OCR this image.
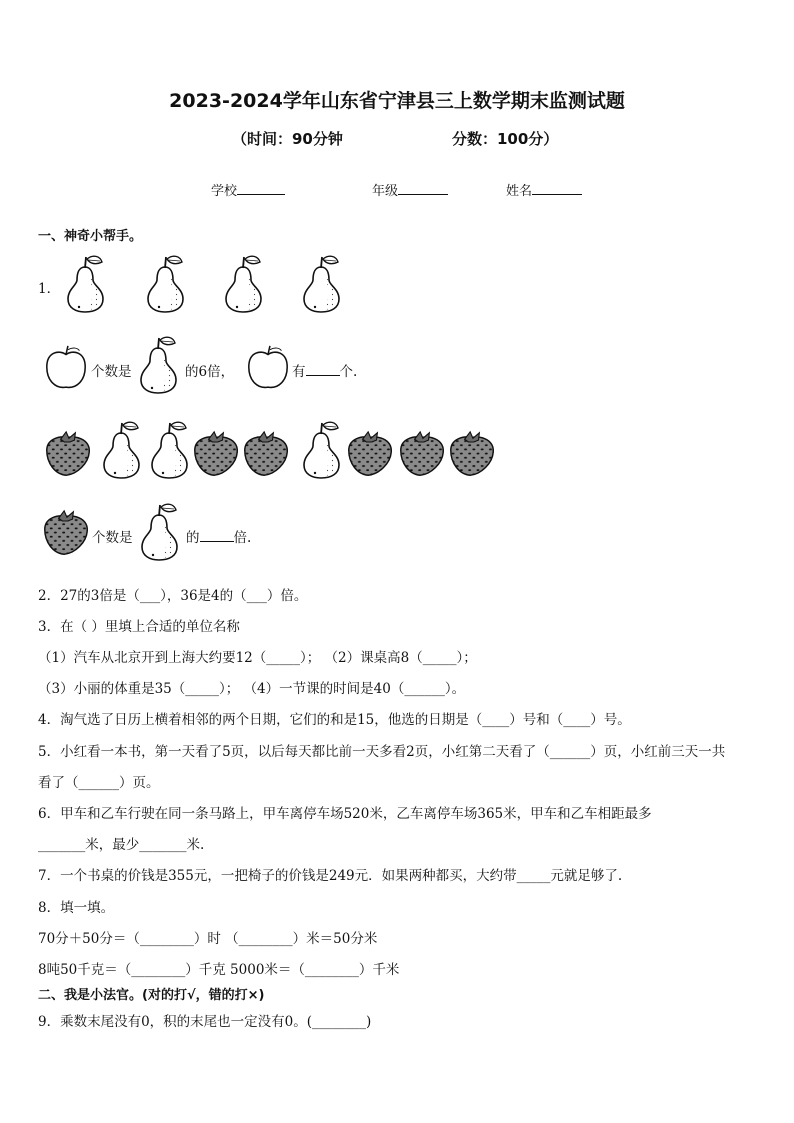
2023-2024学年山东省宁津县三上数学期末监测试题
（时间：90分钟	分数：100分）
学校	年级	姓名
一、神奇小帮手。
1．
个数是	的6倍，	有	个.
个数是	的	倍.
2．27的3倍是（___），36是4的（___）倍。
3．在（ ）里填上合适的单位名称
（1）汽车从北京开到上海大约要12（_____）； （2）课桌高8（_____）；
（3）小丽的体重是35（_____）； （4）一节课的时间是40（______）。
4．淘气选了日历上横着相邻的两个日期，它们的和是15，他选的日期是（____）号和（____）号。
5．小红看一本书，第一天看了5页，以后每天都比前一天多看2页，小红第二天看了（______）页，小红前三天一共
看了（______）页。
6．甲车和乙车行驶在同一条马路上，甲车离停车场520米，乙车离停车场365米，甲车和乙车相距最多
_______米，最少_______米.
7．一个书桌的价钱是355元，一把椅子的价钱是249元．如果两种都买，大约带_____元就足够了.
8．填一填。
70分＋50分＝（________）时 （________）米＝50分米
8吨50千克＝（________）千克 5000米＝（________）千米
二、我是小法官。(对的打√，错的打×)
9．乘数末尾没有0，积的末尾也一定没有0。(________)
